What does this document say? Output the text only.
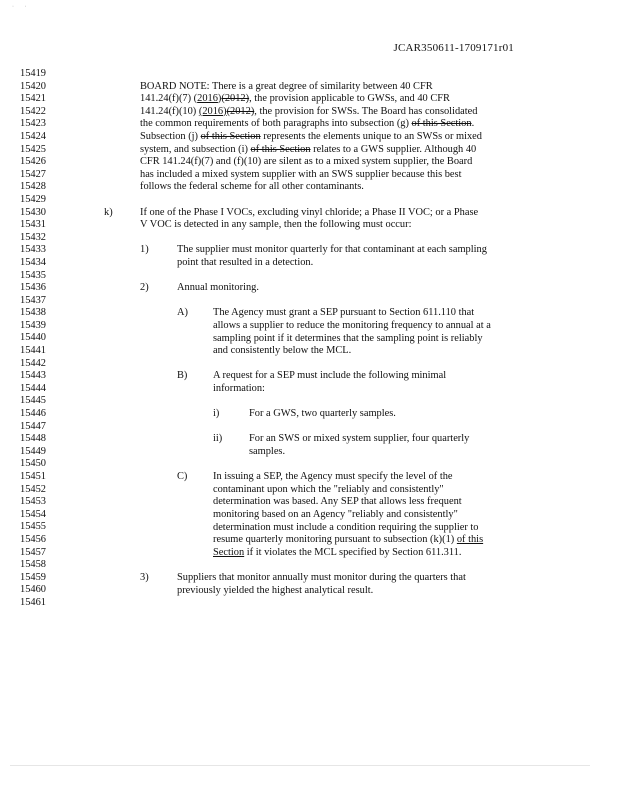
·       ·
JCAR350611-1709171r01
15419
15420
15421
15422
15423
15424
15425
15426
15427
15428
15429
15430
15431
15432
15433
15434
15435
15436
15437
15438
15439
15440
15441
15442
15443
15444
15445
15446
15447
15448
15449
15450
15451
15452
15453
15454
15455
15456
15457
15458
15459
15460
15461
BOARD NOTE: There is a great degree of similarity between 40 CFR
141.24(f)(7) (2016)(2012), the provision applicable to GWSs, and 40 CFR
141.24(f)(10) (2016)(2012), the provision for SWSs. The Board has consolidated
the common requirements of both paragraphs into subsection (g) of this Section.
Subsection (j) of this Section represents the elements unique to an SWSs or mixed
system, and subsection (i) of this Section relates to a GWS supplier. Although 40
CFR 141.24(f)(7) and (f)(10) are silent as to a mixed system supplier, the Board
has included a mixed system supplier with an SWS supplier because this best
follows the federal scheme for all other contaminants.
k)	If one of the Phase I VOCs, excluding vinyl chloride; a Phase II VOC; or a Phase
V VOC is detected in any sample, then the following must occur:
1)	The supplier must monitor quarterly for that contaminant at each sampling
point that resulted in a detection.
2)	Annual monitoring.
A) The Agency must grant a SEP pursuant to Section 611.110 that
allows a supplier to reduce the monitoring frequency to annual at a
sampling point if it determines that the sampling point is reliably
and consistently below the MCL.
B) A request for a SEP must include the following minimal
information:
i)	For a GWS, two quarterly samples.
ii)	For an SWS or mixed system supplier, four quarterly
samples.
C) In issuing a SEP, the Agency must specify the level of the
contaminant upon which the "reliably and consistently"
determination was based. Any SEP that allows less frequent
monitoring based on an Agency "reliably and consistently"
determination must include a condition requiring the supplier to
resume quarterly monitoring pursuant to subsection (k)(1) of this
Section if it violates the MCL specified by Section 611.311.
3)	Suppliers that monitor annually must monitor during the quarters that
previously yielded the highest analytical result.
